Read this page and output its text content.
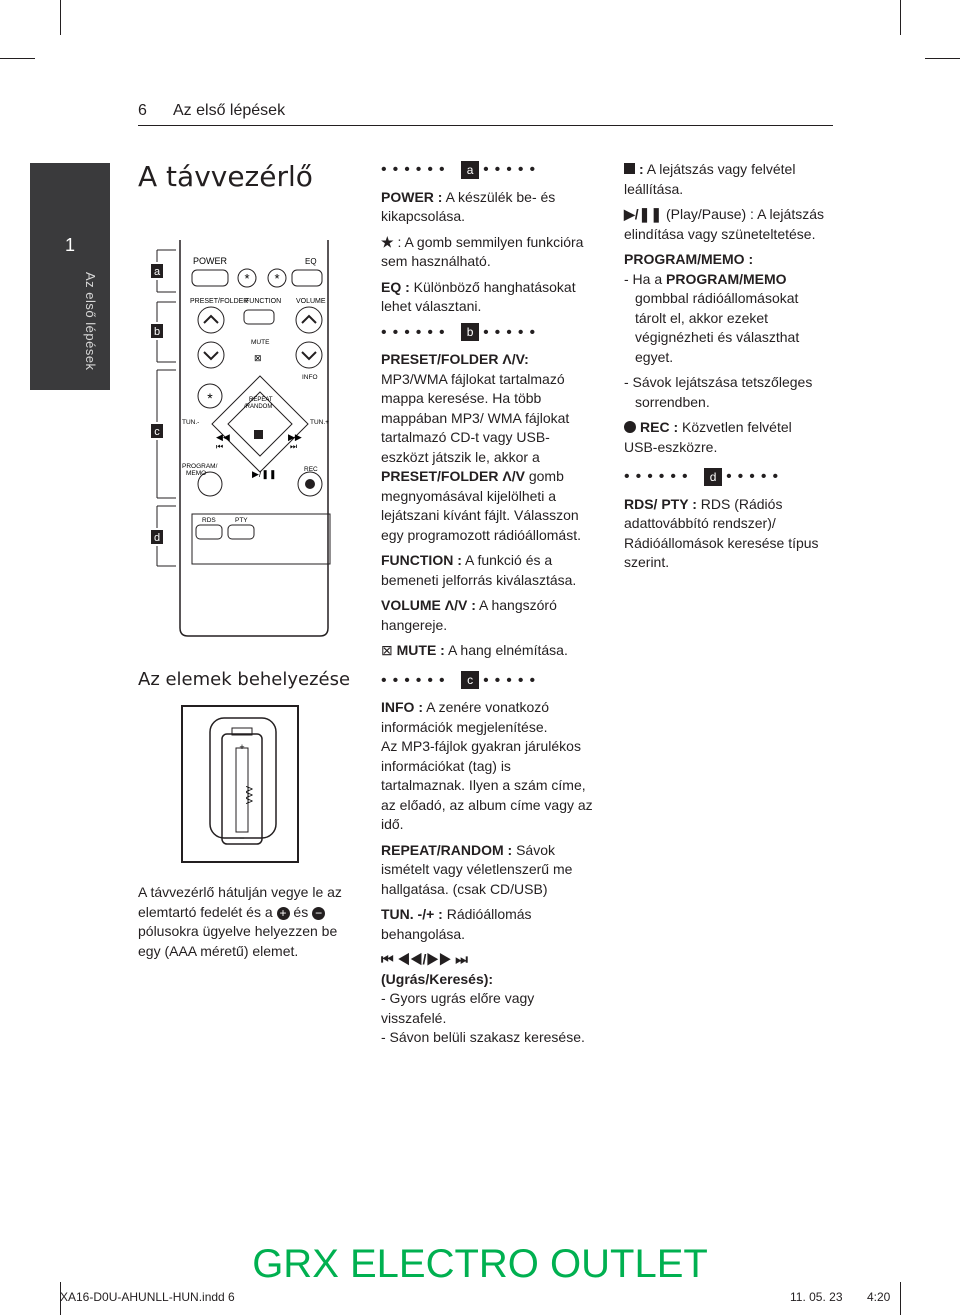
6 Az első lépések
1
Az első lépések
A távvezérlő
a
b
c
d
POWER
* *
EQ
PRESET/FOLDER
FUNCTION VOLUME
MUTE
⊠
INFO
*	REPEAT
/RANDOM
◀◀
⏮
▶▶
⏭
▶/❚❚
TUN.-	TUN.+
PROGRAM/
MEMO
REC
RDS	PTY
Az elemek behelyezése
+
−
AAA
A távvezérlő hátulján vegye le az elemtartó fedelét és a + és − pólusokra ügyelve helyezzen be egy (AAA méretű) elemet.
•••••• a •••••

POWER : A készülék be- és kikapcsolása.

★ : A gomb semmilyen funkcióra sem használható.

EQ : Különböző hanghatásokat lehet választani.

•••••• b •••••

PRESET/FOLDER Λ/V:
MP3/WMA fájlokat tartalmazó mappa keresése. Ha több mappában MP3/ WMA fájlokat tartalmazó CD-t vagy USB-eszközt játszik le, akkor a PRESET/FOLDER Λ/V gomb megnyomásával kijelölheti a lejátszani kívánt fájlt. Válasszon egy programozott rádióállomást.

FUNCTION : A funkció és a bemeneti jelforrás kiválasztása.

VOLUME Λ/V : A hangszóró hangereje.

⊠ MUTE : A hang elnémítása.

•••••• c •••••

INFO : A zenére vonatkozó információk megjelenítése.

Az MP3-fájlok gyakran járulékos információkat (tag) is tartalmaznak. Ilyen a szám címe, az előadó, az album címe vagy az idő.

REPEAT/RANDOM : Sávok ismételt vagy véletlenszerű me hallgatása. (csak CD/USB)

TUN. -/+ : Rádióállomás behangolása.

⏮ ◀◀/▶▶ ⏭

(Ugrás/Keresés):

- Gyors ugrás előre vagy visszafelé.

- Sávon belüli szakasz keresése.

: A lejátszás vagy felvétel leállítása.

▶/❚❚ (Play/Pause) : A lejátszás elindítása vagy szüneteltetése.

PROGRAM/MEMO :

- Ha a PROGRAM/MEMO gombbal rádióállomásokat tárolt el, akkor ezeket végignézheti és választhat egyet.

- Sávok lejátszása tetszőleges sorrendben.

REC : Közvetlen felvétel USB-eszközre.

•••••• d •••••

RDS/ PTY : RDS (Rádiós adattovábbító rendszer)/ Rádióállomások keresése típus szerint.

GRX ELECTRO OUTLET
XA16-D0U-AHUNLL-HUN.indd 6	11. 05. 23 4:20
